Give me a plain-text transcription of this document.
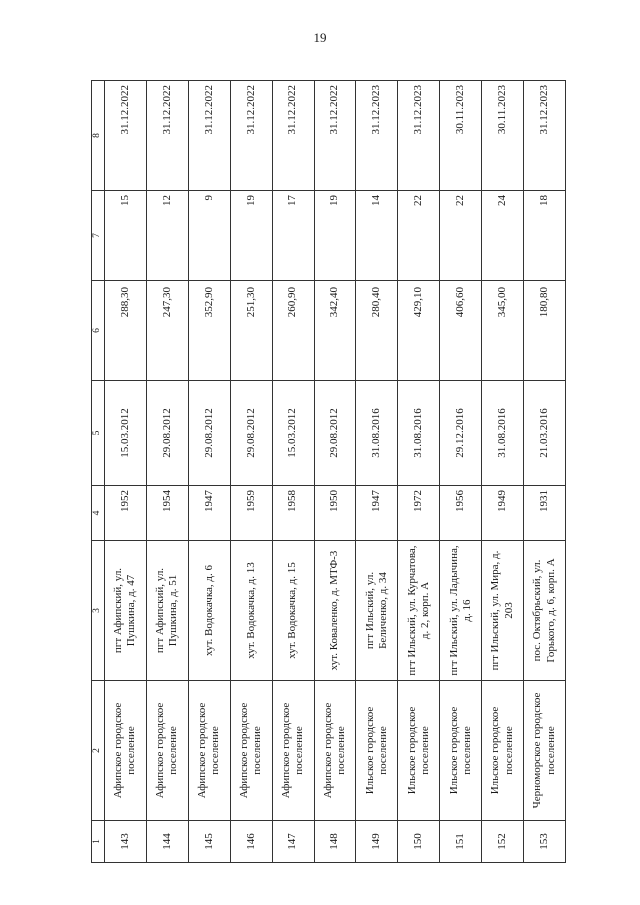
19
1	2	3	4	5	6	7	8
143	Афипское городское поселение	пгт Афипский, ул. Пушкина, д. 47	1952	15.03.2012	288,30	15	31.12.2022
144	Афипское городское поселение	пгт Афипский, ул. Пушкина, д. 51	1954	29.08.2012	247,30	12	31.12.2022
145	Афипское городское поселение	хут. Водокачка, д. 6	1947	29.08.2012	352,90	9	31.12.2022
146	Афипское городское поселение	хут. Водокачка, д. 13	1959	29.08.2012	251,30	19	31.12.2022
147	Афипское городское поселение	хут. Водокачка, д. 15	1958	15.03.2012	260,90	17	31.12.2022
148	Афипское городское поселение	хут. Коваленко, д. МТФ-3	1950	29.08.2012	342,40	19	31.12.2022
149	Ильское городское поселение	пгт Ильский, ул. Беличенко, д. 34	1947	31.08.2016	280,40	14	31.12.2023
150	Ильское городское поселение	пгт Ильский, ул. Курчатова, д. 2, корп. А	1972	31.08.2016	429,10	22	31.12.2023
151	Ильское городское поселение	пгт Ильский, ул. Ладычина, д. 16	1956	29.12.2016	406,60	22	30.11.2023
152	Ильское городское поселение	пгт Ильский, ул. Мира, д. 203	1949	31.08.2016	345,00	24	30.11.2023
153	Черноморское городское поселение	пос. Октябрьский, ул. Горького, д. 6, корп. А	1931	21.03.2016	180,80	18	31.12.2023
